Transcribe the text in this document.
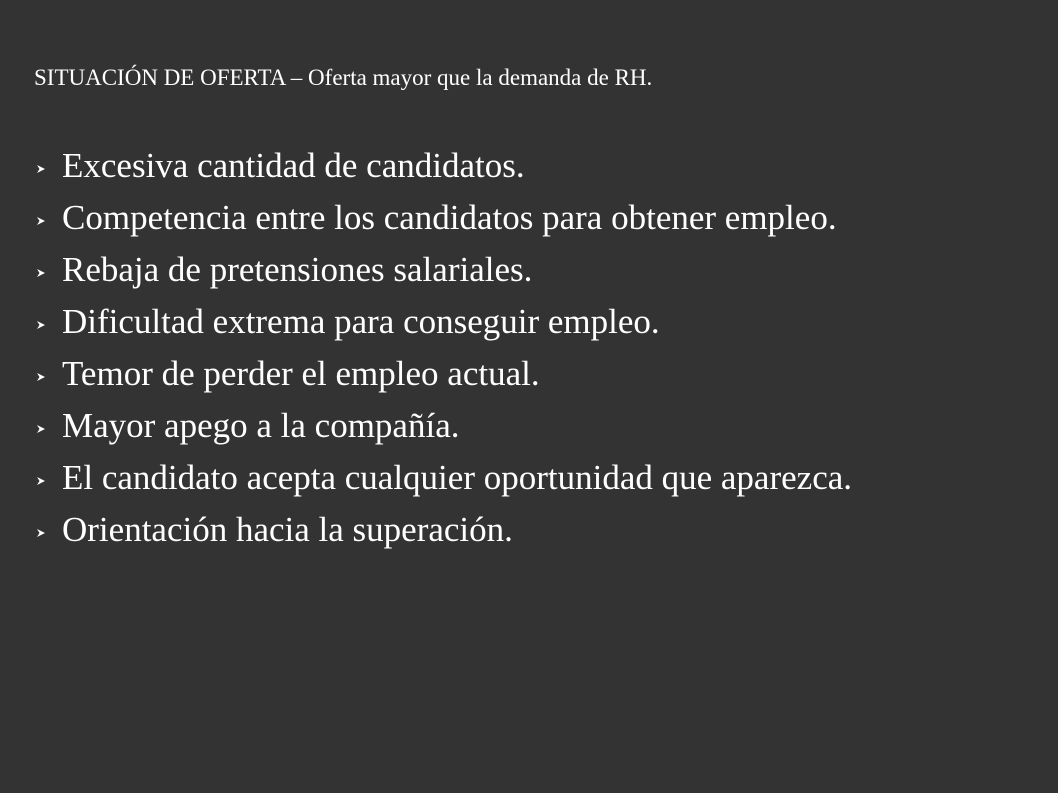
SITUACIÓN DE OFERTA – Oferta mayor que la demanda de RH.
Excesiva cantidad de candidatos.
Competencia entre los candidatos para obtener empleo.
Rebaja de pretensiones salariales.
Dificultad extrema para conseguir empleo.
Temor de perder el empleo actual.
Mayor apego a la compañía.
El candidato acepta cualquier oportunidad que aparezca.
Orientación hacia la superación.
